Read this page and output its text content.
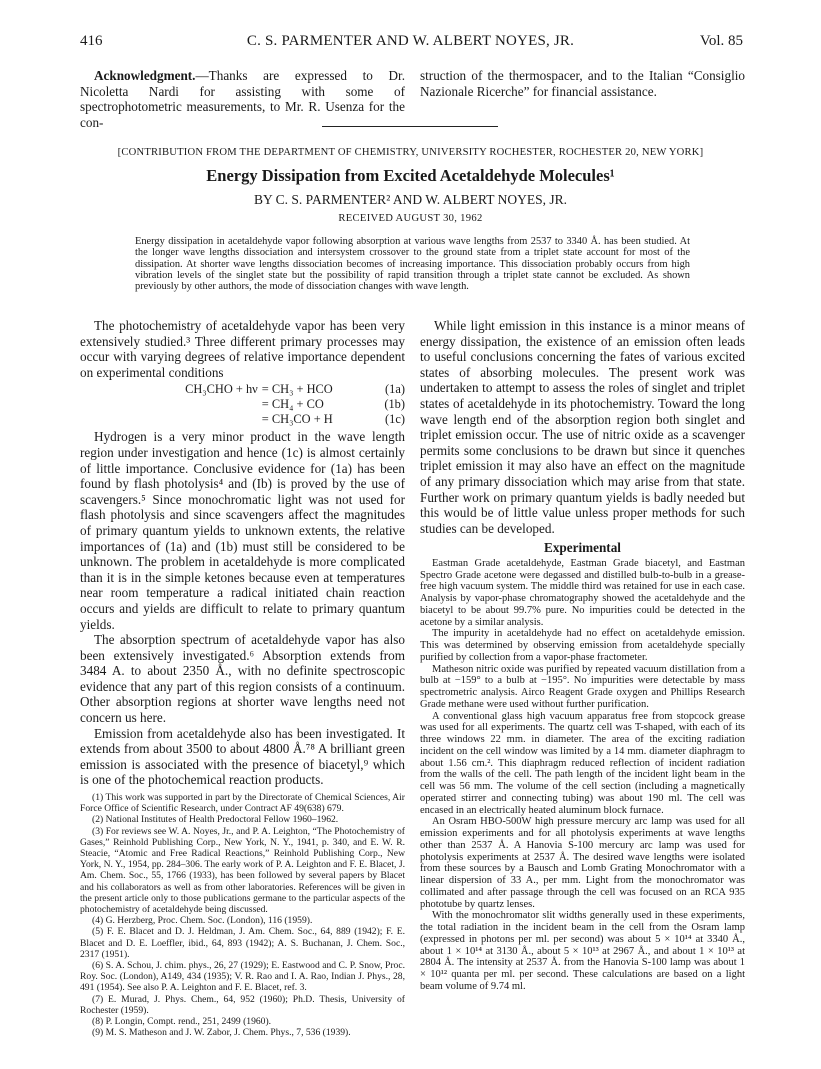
C. S. PARMENTER AND W. ALBERT NOYES, JR.
416	Vol. 85
Acknowledgment.—Thanks are expressed to Dr. Nicoletta Nardi for assisting with some of spectrophotometric measurements, to Mr. R. Usenza for the con-
struction of the thermospacer, and to the Italian “Consiglio Nazionale Ricerche” for financial assistance.
[CONTRIBUTION FROM THE DEPARTMENT OF CHEMISTRY, UNIVERSITY ROCHESTER, ROCHESTER 20, NEW YORK]
Energy Dissipation from Excited Acetaldehyde Molecules¹
BY C. S. PARMENTER² AND W. ALBERT NOYES, JR.
RECEIVED AUGUST 30, 1962
Energy dissipation in acetaldehyde vapor following absorption at various wave lengths from 2537 to 3340 Å. has been studied. At the longer wave lengths dissociation and intersystem crossover to the ground state from a triplet state account for most of the dissipation. At shorter wave lengths dissociation becomes of increasing importance. This dissociation probably occurs from high vibration levels of the singlet state but the possibility of rapid transition through a triplet state cannot be excluded. As shown previously by other authors, the mode of dissociation changes with wave length.

The photochemistry of acetaldehyde vapor has been very extensively studied.³ Three different primary processes may occur with varying degrees of relative importance dependent on experimental conditions

CH₃CHO + hν = CH₃ + HCO	(1a)
= CH₄ + CO	(1b)
= CH₃CO + H	(1c)

Hydrogen is a very minor product in the wave length region under investigation and hence (1c) is almost certainly of little importance. Conclusive evidence for (1a) has been found by flash photolysis⁴ and (Ib) is proved by the use of scavengers.⁵ Since monochromatic light was not used for flash photolysis and since scavengers affect the magnitudes of primary quantum yields to unknown extents, the relative importances of (1a) and (1b) must still be considered to be unknown. The problem in acetaldehyde is more complicated than it is in the simple ketones because even at temperatures near room temperature a radical initiated chain reaction occurs and yields are difficult to relate to primary quantum yields.

The absorption spectrum of acetaldehyde vapor has also been extensively investigated.⁶ Absorption extends from 3484 A. to about 2350 Å., with no definite spectroscopic evidence that any part of this region consists of a continuum. Other absorption regions at shorter wave lengths need not concern us here.

Emission from acetaldehyde also has been investigated. It extends from about 3500 to about 4800 Å.⁷⁸ A brilliant green emission is associated with the presence of biacetyl,⁹ which is one of the photochemical reaction products.

(1) This work was supported in part by the Directorate of Chemical Sciences, Air Force Office of Scientific Research, under Contract AF 49(638) 679.

(2) National Institutes of Health Predoctoral Fellow 1960–1962.

(3) For reviews see W. A. Noyes, Jr., and P. A. Leighton, “The Photochemistry of Gases,” Reinhold Publishing Corp., New York, N. Y., 1941, p. 340, and E. W. R. Steacie, “Atomic and Free Radical Reactions,” Reinhold Publishing Corp., New York, N. Y., 1954, pp. 284–306. The early work of P. A. Leighton and F. E. Blacet, J. Am. Chem. Soc., 55, 1766 (1933), has been followed by several papers by Blacet and his collaborators as well as from other laboratories. References will be given in the present article only to those publications germane to the particular aspects of the photochemistry of acetaldehyde being discussed.

(4) G. Herzberg, Proc. Chem. Soc. (London), 116 (1959).

(5) F. E. Blacet and D. J. Heldman, J. Am. Chem. Soc., 64, 889 (1942); F. E. Blacet and D. E. Loeffler, ibid., 64, 893 (1942); A. S. Buchanan, J. Chem. Soc., 2317 (1951).

(6) S. A. Schou, J. chim. phys., 26, 27 (1929); E. Eastwood and C. P. Snow, Proc. Roy. Soc. (London), A149, 434 (1935); V. R. Rao and I. A. Rao, Indian J. Phys., 28, 491 (1954). See also P. A. Leighton and F. E. Blacet, ref. 3.

(7) E. Murad, J. Phys. Chem., 64, 952 (1960); Ph.D. Thesis, University of Rochester (1959).

(8) P. Longin, Compt. rend., 251, 2499 (1960).

(9) M. S. Matheson and J. W. Zabor, J. Chem. Phys., 7, 536 (1939).

While light emission in this instance is a minor means of energy dissipation, the existence of an emission often leads to useful conclusions concerning the fates of various excited states of absorbing molecules. The present work was undertaken to attempt to assess the roles of singlet and triplet states of acetaldehyde in its photochemistry. Toward the long wave length end of the absorption region both singlet and triplet emission occur. The use of nitric oxide as a scavenger permits some conclusions to be drawn but since it quenches triplet emission it may also have an effect on the magnitude of any primary dissociation which may arise from that state. Further work on primary quantum yields is badly needed but this would be of little value unless proper methods for such studies can be developed.

Experimental

Eastman Grade acetaldehyde, Eastman Grade biacetyl, and Eastman Spectro Grade acetone were degassed and distilled bulb-to-bulb in a grease-free high vacuum system. The middle third was retained for use in each case. Analysis by vapor-phase chromatography showed the acetaldehyde and the biacetyl to be about 99.7% pure. No impurities could be detected in the acetone by a similar analysis.

The impurity in acetaldehyde had no effect on acetaldehyde emission. This was determined by observing emission from acetaldehyde specially purified by collection from a vapor-phase fractometer.

Matheson nitric oxide was purified by repeated vacuum distillation from a bulb at −159° to a bulb at −195°. No impurities were detectable by mass spectrometric analysis. Airco Reagent Grade oxygen and Phillips Research Grade methane were used without further purification.

A conventional glass high vacuum apparatus free from stopcock grease was used for all experiments. The quartz cell was T-shaped, with each of its three windows 22 mm. in diameter. The area of the exciting radiation incident on the cell window was limited by a 14 mm. diameter diaphragm to about 1.56 cm.². This diaphragm reduced reflection of incident radiation from the walls of the cell. The path length of the incident light beam in the cell was 56 mm. The volume of the cell section (including a magnetically operated stirrer and connecting tubing) was about 190 ml. The cell was encased in an electrically heated aluminum block furnace.

An Osram HBO-500W high pressure mercury arc lamp was used for all emission experiments and for all photolysis experiments at wave lengths other than 2537 Å. A Hanovia S-100 mercury arc lamp was used for photolysis experiments at 2537 Å. The desired wave lengths were isolated from these sources by a Bausch and Lomb Grating Monochromator with a linear dispersion of 33 A., per mm. Light from the monochromator was collimated and after passage through the cell was focused on an RCA 935 phototube by quartz lenses.

With the monochromator slit widths generally used in these experiments, the total radiation in the incident beam in the cell from the Osram lamp (expressed in photons per ml. per second) was about 5 × 10¹⁴ at 3340 Å., about 1 × 10¹⁴ at 3130 Å., about 5 × 10¹³ at 2967 Å., and about 1 × 10¹³ at 2804 Å. The intensity at 2537 Å. from the Hanovia S-100 lamp was about 1 × 10¹² quanta per ml. per second. These calculations are based on a light beam volume of 9.74 ml.
